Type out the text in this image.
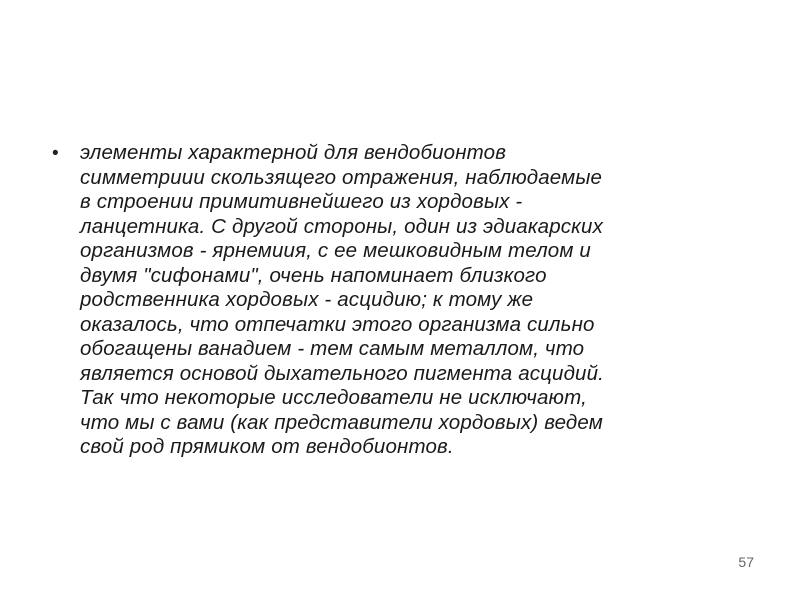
•	элементы характерной для вендобионтов
симметриии скользящего отражения, наблюдаемые
в строении примитивнейшего из хордовых -
ланцетника. С другой стороны, один из эдиакарских
организмов - ярнемиия, с ее мешковидным телом и
двумя "сифонами", очень напоминает близкого
родственника хордовых - асцидию; к тому же
оказалось, что отпечатки этого организма сильно
обогащены ванадием - тем самым металлом, что
является основой дыхательного пигмента асцидий.
Так что некоторые исследователи не исключают,
что мы с вами (как представители хордовых) ведем
свой род прямиком от вендобионтов.

57
